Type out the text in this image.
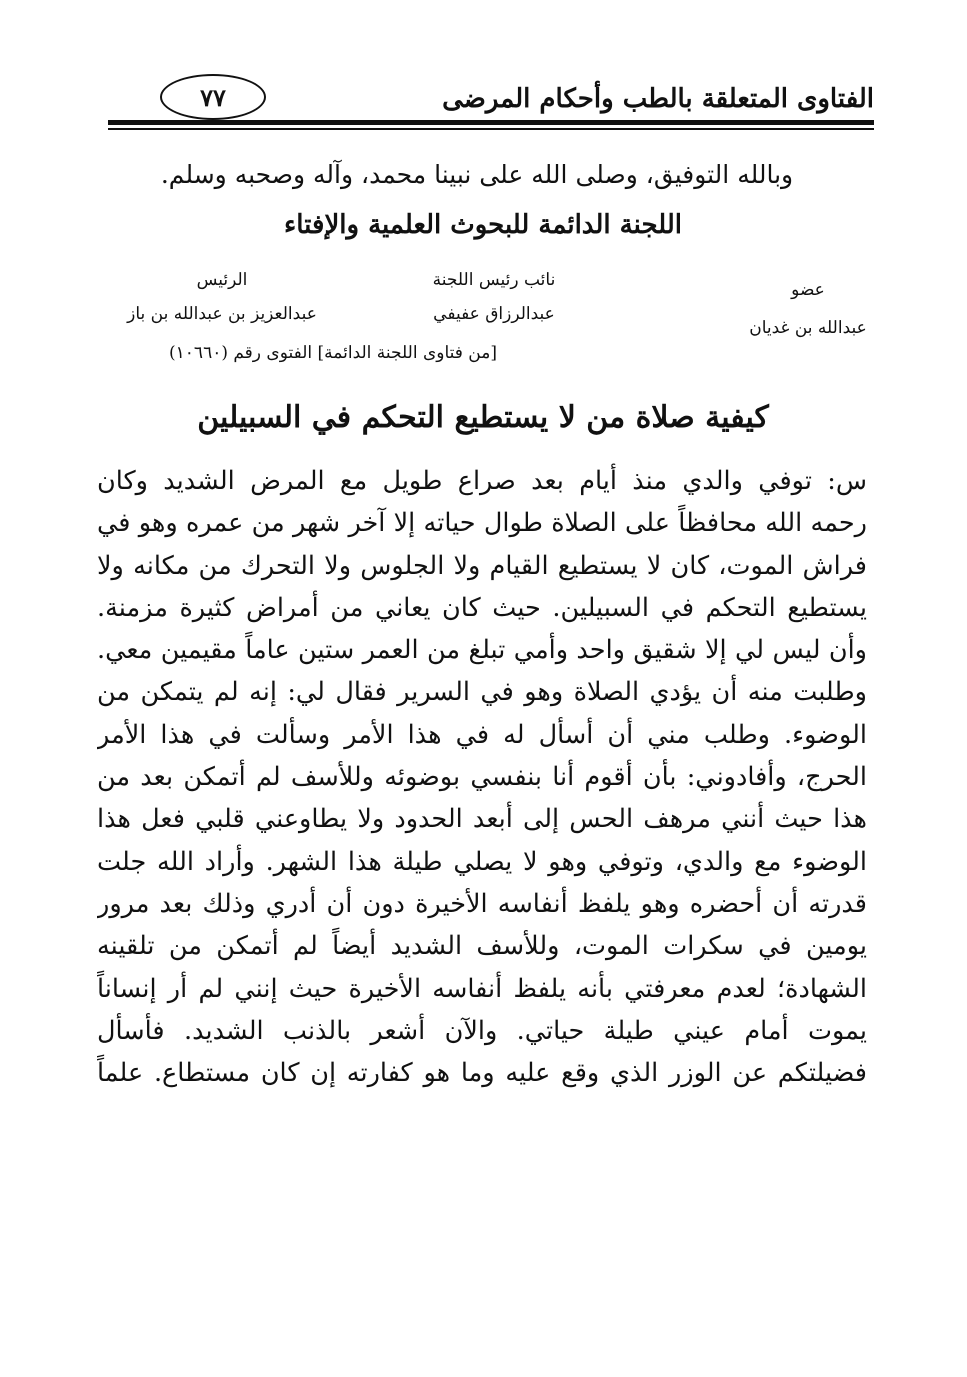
الفتاوى المتعلقة بالطب وأحكام المرضى
٧٧
وبالله التوفيق، وصلى الله على نبينا محمد، وآله وصحبه وسلم.
اللجنة الدائمة للبحوث العلمية والإفتاء
عضو
عبدالله بن غديان
نائب رئيس اللجنة
عبدالرزاق عفيفي
الرئيس
عبدالعزيز بن عبدالله بن باز
[من فتاوى اللجنة الدائمة] الفتوى رقم (١٠٦٦٠)
كيفية صلاة من لا يستطيع التحكم في السبيلين
س: توفي والدي منذ أيام بعد صراع طويل مع المرض الشديد وكان
رحمه الله محافظاً على الصلاة طوال حياته إلا آخر شهر من عمره وهو في
فراش الموت، كان لا يستطيع القيام ولا الجلوس ولا التحرك من مكانه ولا
يستطيع التحكم في السبيلين. حيث كان يعاني من أمراض كثيرة مزمنة.
وأن ليس لي إلا شقيق واحد وأمي تبلغ من العمر ستين عاماً مقيمين معي.
وطلبت منه أن يؤدي الصلاة وهو في السرير فقال لي: إنه لم يتمكن من
الوضوء. وطلب مني أن أسأل له في هذا الأمر وسألت في هذا الأمر
الحرج، وأفادوني: بأن أقوم أنا بنفسي بوضوئه وللأسف لم أتمكن بعد من
هذا حيث أنني مرهف الحس إلى أبعد الحدود ولا يطاوعني قلبي فعل هذا
الوضوء مع والدي، وتوفي وهو لا يصلي طيلة هذا الشهر. وأراد الله جلت
قدرته أن أحضره وهو يلفظ أنفاسه الأخيرة دون أن أدري وذلك بعد مرور
يومين في سكرات الموت، وللأسف الشديد أيضاً لم أتمكن من تلقينه
الشهادة؛ لعدم معرفتي بأنه يلفظ أنفاسه الأخيرة حيث إنني لم أر إنساناً
يموت أمام عيني طيلة حياتي. والآن أشعر بالذنب الشديد. فأسأل
فضيلتكم عن الوزر الذي وقع عليه وما هو كفارته إن كان مستطاع. علماً
